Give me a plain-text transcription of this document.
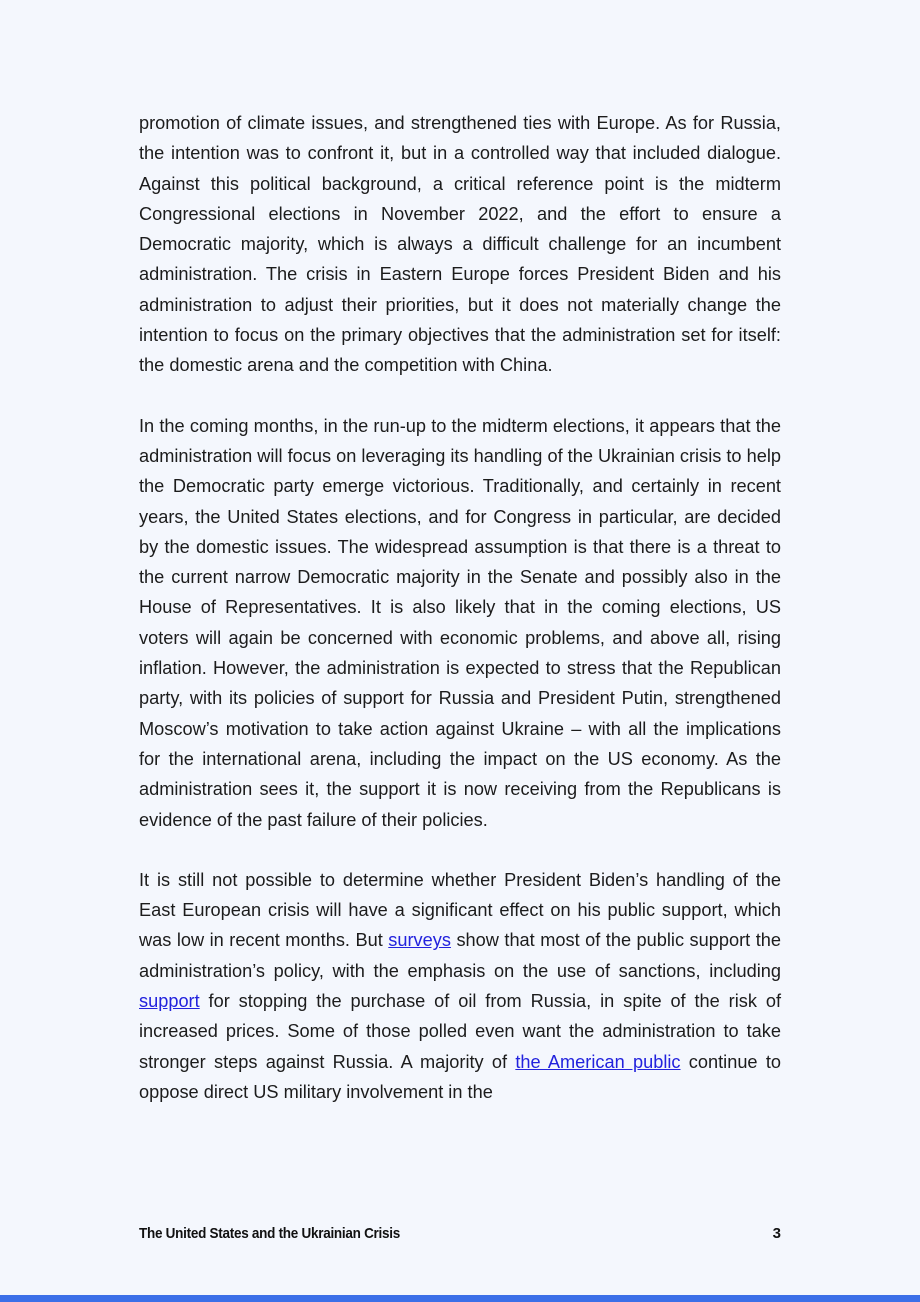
promotion of climate issues, and strengthened ties with Europe. As for Russia, the intention was to confront it, but in a controlled way that included dialogue. Against this political background, a critical reference point is the midterm Congressional elections in November 2022, and the effort to ensure a Democratic majority, which is always a difficult challenge for an incumbent administration. The crisis in Eastern Europe forces President Biden and his administration to adjust their priorities, but it does not materially change the intention to focus on the primary objectives that the administration set for itself: the domestic arena and the competition with China.

In the coming months, in the run-up to the midterm elections, it appears that the administration will focus on leveraging its handling of the Ukrainian crisis to help the Democratic party emerge victorious. Traditionally, and certainly in recent years, the United States elections, and for Congress in particular, are decided by the domestic issues. The widespread assumption is that there is a threat to the current narrow Democratic majority in the Senate and possibly also in the House of Representatives. It is also likely that in the coming elections, US voters will again be concerned with economic problems, and above all, rising inflation. However, the administration is expected to stress that the Republican party, with its policies of support for Russia and President Putin, strengthened Moscow’s motivation to take action against Ukraine – with all the implications for the international arena, including the impact on the US economy. As the administration sees it, the support it is now receiving from the Republicans is evidence of the past failure of their policies.

It is still not possible to determine whether President Biden’s handling of the East European crisis will have a significant effect on his public support, which was low in recent months. But surveys show that most of the public support the administration’s policy, with the emphasis on the use of sanctions, including support for stopping the purchase of oil from Russia, in spite of the risk of increased prices. Some of those polled even want the administration to take stronger steps against Russia. A majority of the American public continue to oppose direct US military involvement in the

The United States and the Ukrainian Crisis	3
